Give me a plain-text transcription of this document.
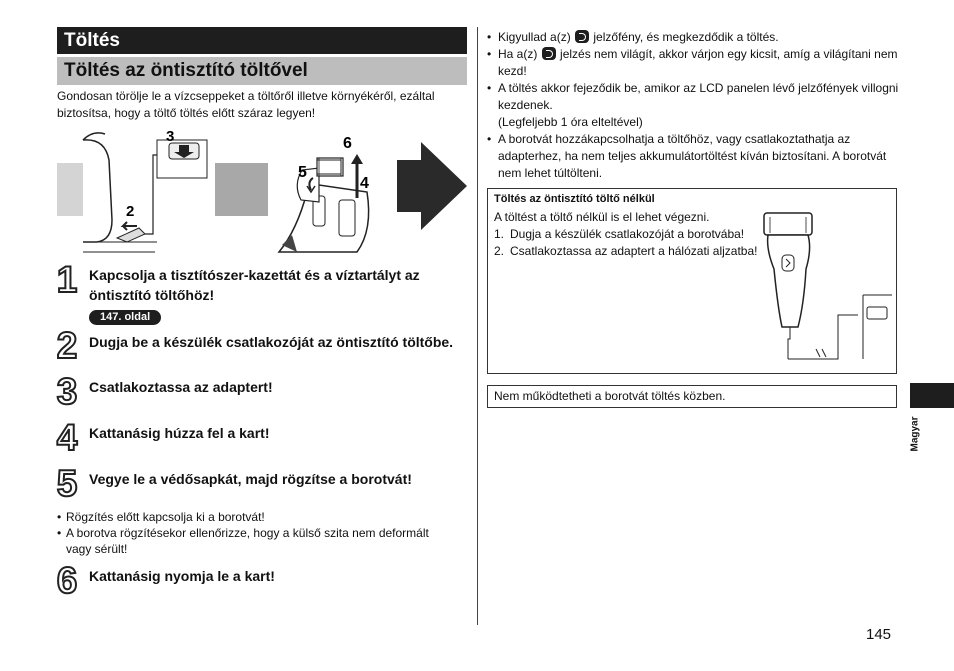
Töltés
Töltés az öntisztító töltővel
Gondosan törölje le a vízcseppeket a töltőről illetve környékéről, ezáltal biztosítsa, hogy a töltő töltés előtt száraz legyen!
3
2
6
5
4
1 Kapcsolja a tisztítószer-kazettát és a víztartályt az öntisztító töltőhöz!
147. oldal
2 Dugja be a készülék csatlakozóját az öntisztító töltőbe.
3 Csatlakoztassa az adaptert!
4 Kattanásig húzza fel a kart!
5 Vegye le a védősapkát, majd rögzítse a borotvát!
• Rögzítés előtt kapcsolja ki a borotvát!
• A borotva rögzítésekor ellenőrizze, hogy a külső szita nem deformált vagy sérült!
6 Kattanásig nyomja le a kart!
• Kigyullad a(z) jelzőfény, és megkezdődik a töltés.
• Ha a(z) jelzés nem világít, akkor várjon egy kicsit, amíg a világítani nem kezd!
• A töltés akkor fejeződik be, amikor az LCD panelen lévő jelzőfények villogni kezdenek.
(Legfeljebb 1 óra elteltével)
• A borotvát hozzákapcsolhatja a töltőhöz, vagy csatlakoztathatja az adapterhez, ha nem teljes akkumulátortöltést kíván biztosítani. A borotvát nem lehet túltölteni.
Töltés az öntisztító töltő nélkül
A töltést a töltő nélkül is el lehet végezni.
1. Dugja a készülék csatlakozóját a borotvába!
2. Csatlakoztassa az adaptert a hálózati aljzatba!
Nem működtetheti a borotvát töltés közben.
Magyar
145
